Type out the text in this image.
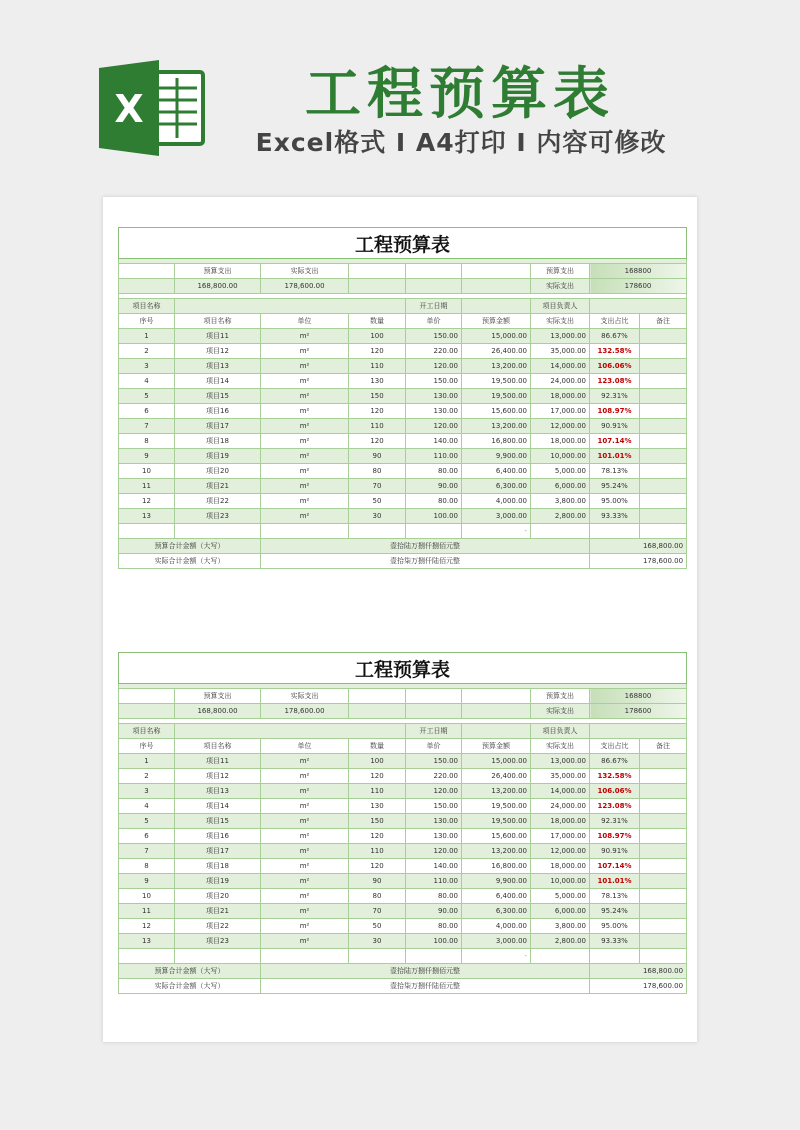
X	工程预算表
Excel格式 I A4打印 I 内容可修改
工程预算表								

	预算支出	实际支出				预算支出	168800	
	168,800.00	178,600.00				实际支出	178600	

项目名称				开工日期		项目负责人		
序号	项目名称	单位	数量	单价	预算金额	实际支出	支出占比	备注
1	项目11	m²	100	150.00	15,000.00	13,000.00	86.67%	
2	项目12	m²	120	220.00	26,400.00	35,000.00	132.58%	
3	项目13	m²	110	120.00	13,200.00	14,000.00	106.06%	
4	项目14	m²	130	150.00	19,500.00	24,000.00	123.08%	
5	项目15	m²	150	130.00	19,500.00	18,000.00	92.31%	
6	项目16	m²	120	130.00	15,600.00	17,000.00	108.97%	
7	项目17	m²	110	120.00	13,200.00	12,000.00	90.91%	
8	项目18	m²	120	140.00	16,800.00	18,000.00	107.14%	
9	项目19	m²	90	110.00	9,900.00	10,000.00	101.01%	
10	项目20	m²	80	80.00	6,400.00	5,000.00	78.13%	
11	项目21	m²	70	90.00	6,300.00	6,000.00	95.24%	
12	项目22	m²	50	80.00	4,000.00	3,800.00	95.00%	
13	项目23	m²	30	100.00	3,000.00	2,800.00	93.33%	
					-			
预算合计金额（大写）		壹拾陆万捌仟捌佰元整					168,800.00	
实际合计金额（大写）		壹拾柒万捌仟陆佰元整					178,600.00	
工程预算表								

	预算支出	实际支出				预算支出	168800	
	168,800.00	178,600.00				实际支出	178600	

项目名称				开工日期		项目负责人		
序号	项目名称	单位	数量	单价	预算金额	实际支出	支出占比	备注
1	项目11	m²	100	150.00	15,000.00	13,000.00	86.67%	
2	项目12	m²	120	220.00	26,400.00	35,000.00	132.58%	
3	项目13	m²	110	120.00	13,200.00	14,000.00	106.06%	
4	项目14	m²	130	150.00	19,500.00	24,000.00	123.08%	
5	项目15	m²	150	130.00	19,500.00	18,000.00	92.31%	
6	项目16	m²	120	130.00	15,600.00	17,000.00	108.97%	
7	项目17	m²	110	120.00	13,200.00	12,000.00	90.91%	
8	项目18	m²	120	140.00	16,800.00	18,000.00	107.14%	
9	项目19	m²	90	110.00	9,900.00	10,000.00	101.01%	
10	项目20	m²	80	80.00	6,400.00	5,000.00	78.13%	
11	项目21	m²	70	90.00	6,300.00	6,000.00	95.24%	
12	项目22	m²	50	80.00	4,000.00	3,800.00	95.00%	
13	项目23	m²	30	100.00	3,000.00	2,800.00	93.33%	
					-			
预算合计金额（大写）		壹拾陆万捌仟捌佰元整					168,800.00	
实际合计金额（大写）		壹拾柒万捌仟陆佰元整					178,600.00	
